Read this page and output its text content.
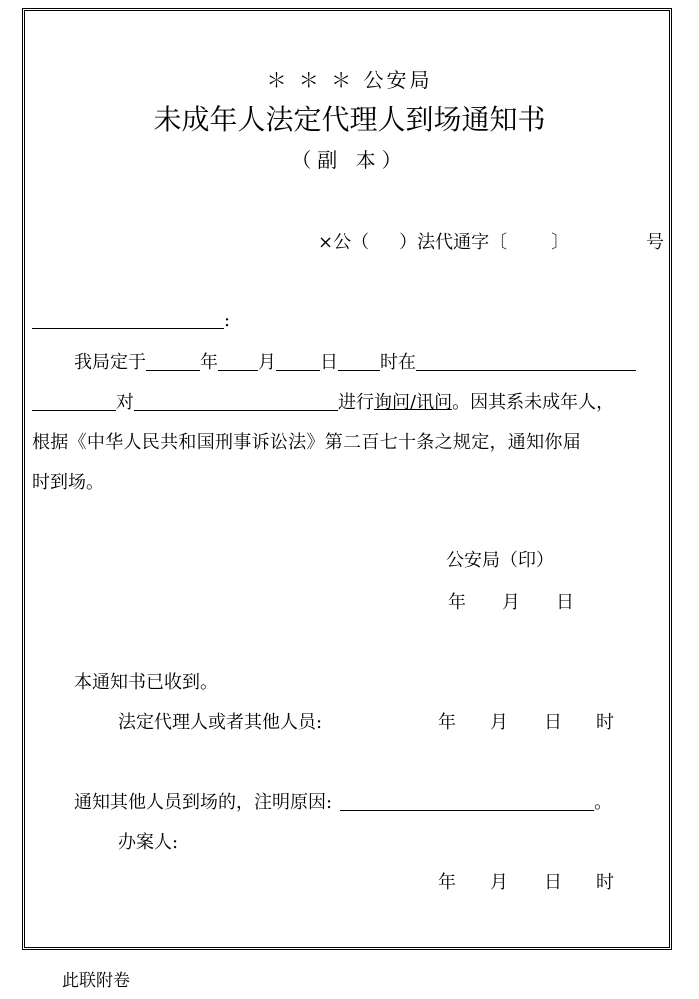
＊ ＊ ＊ 公安局
未成年人法定代理人到场通知书
（副 本）
×公（ ）法代通字〔 〕	号
:
我局定于	年 月 日 时在
对	进行询问/讯问。因其系未成年人，
根据《中华人民共和国刑事诉讼法》第二百七十条之规定，通知你届
时到场。
公安局（印）
年 月 日
本通知书已收到。
法定代理人或者其他人员:	年 月 日 时
通知其他人员到场的，注明原因:	。
办案人:
年 月 日 时
此联附卷
